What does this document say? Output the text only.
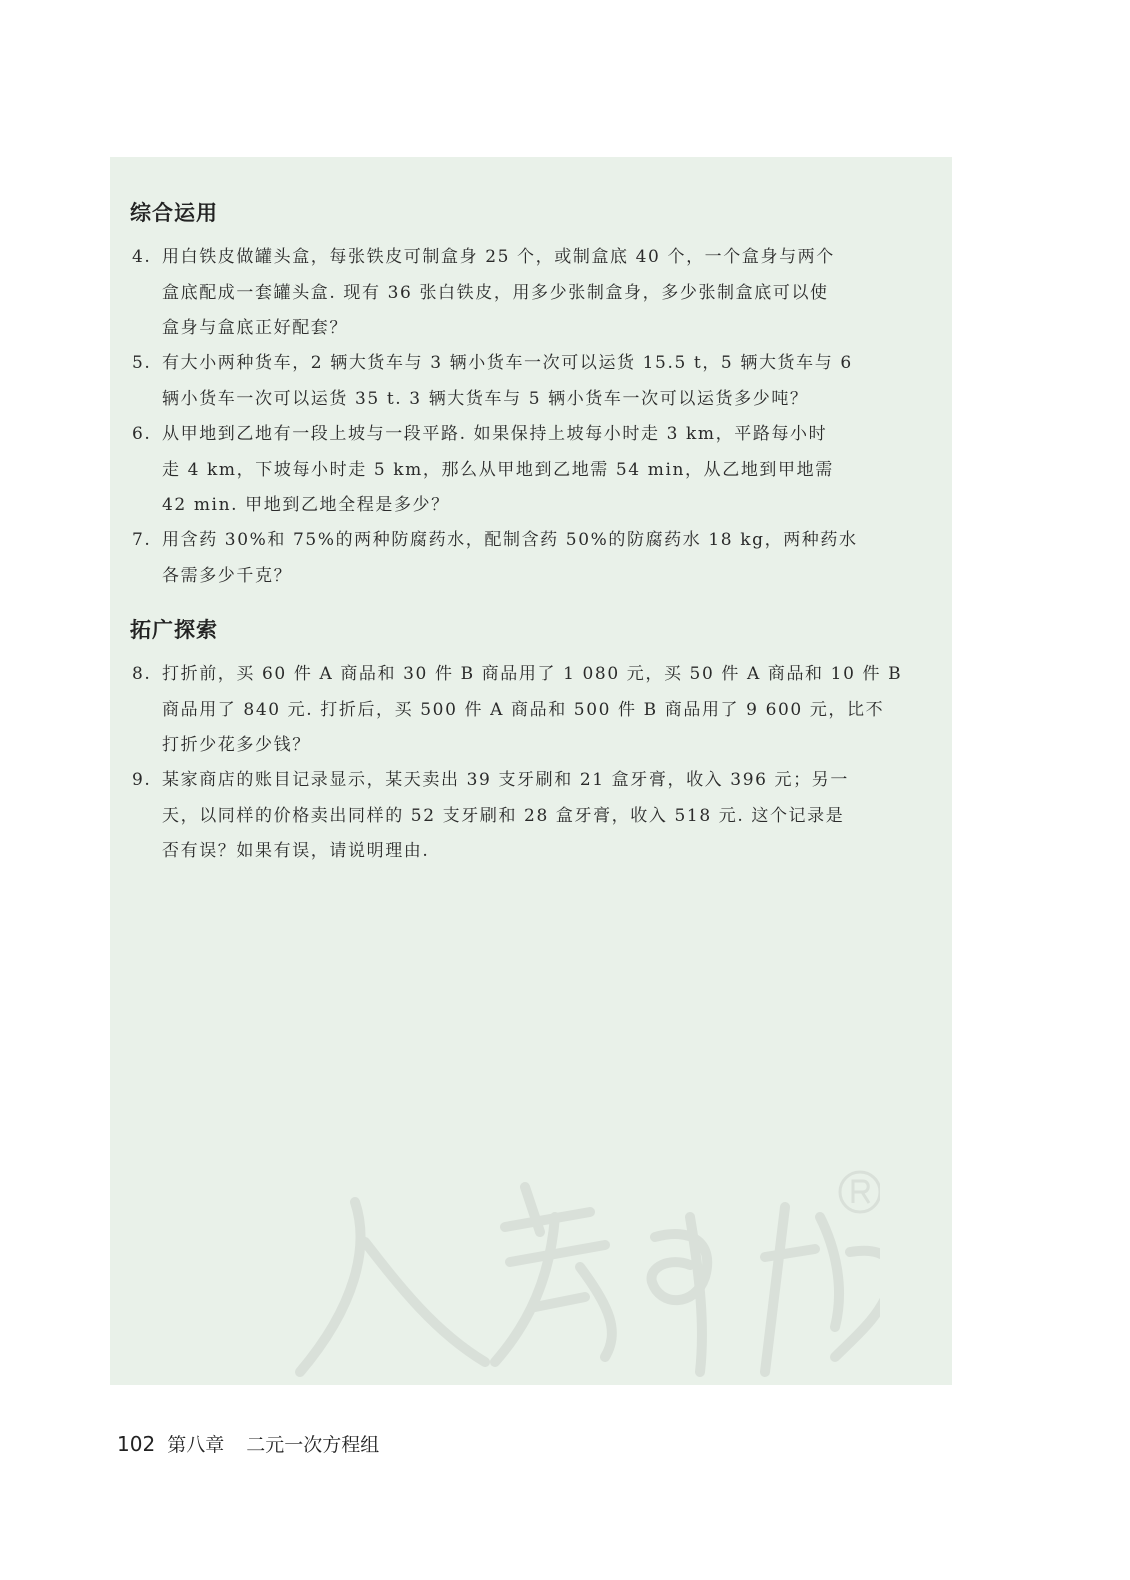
综合运用
4. 用白铁皮做罐头盒，每张铁皮可制盒身 25 个，或制盒底 40 个，一个盒身与两个
盒底配成一套罐头盒. 现有 36 张白铁皮，用多少张制盒身，多少张制盒底可以使
盒身与盒底正好配套？
5. 有大小两种货车，2 辆大货车与 3 辆小货车一次可以运货 15.5 t，5 辆大货车与 6
辆小货车一次可以运货 35 t. 3 辆大货车与 5 辆小货车一次可以运货多少吨？
6. 从甲地到乙地有一段上坡与一段平路. 如果保持上坡每小时走 3 km，平路每小时
走 4 km，下坡每小时走 5 km，那么从甲地到乙地需 54 min，从乙地到甲地需
42 min. 甲地到乙地全程是多少？
7. 用含药 30%和 75%的两种防腐药水，配制含药 50%的防腐药水 18 kg，两种药水
各需多少千克？
拓广探索
8. 打折前，买 60 件 A 商品和 30 件 B 商品用了 1 080 元，买 50 件 A 商品和 10 件 B
商品用了 840 元. 打折后，买 500 件 A 商品和 500 件 B 商品用了 9 600 元，比不
打折少花多少钱？
9. 某家商店的账目记录显示，某天卖出 39 支牙刷和 21 盒牙膏，收入 396 元；另一
天，以同样的价格卖出同样的 52 支牙刷和 28 盒牙膏，收入 518 元. 这个记录是
否有误？如果有误，请说明理由.
102 第八章 二元一次方程组
